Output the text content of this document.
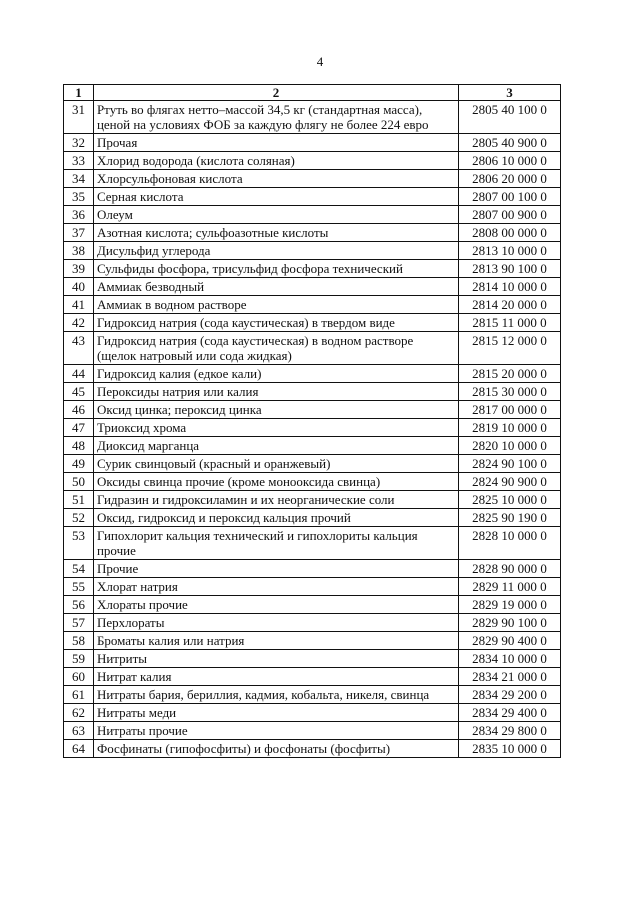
4
1	2	3
31	Ртуть во флягах нетто–массой 34,5 кг (стандартная масса), ценой на условиях ФОБ за каждую флягу не более 224 евро	2805 40 100 0
32	Прочая	2805 40 900 0
33	Хлорид водорода (кислота соляная)	2806 10 000 0
34	Хлорсульфоновая кислота	2806 20 000 0
35	Серная кислота	2807 00 100 0
36	Олеум	2807 00 900 0
37	Азотная кислота; сульфоазотные кислоты	2808 00 000 0
38	Дисульфид углерода	2813 10 000 0
39	Сульфиды фосфора, трисульфид фосфора технический	2813 90 100 0
40	Аммиак безводный	2814 10 000 0
41	Аммиак в водном растворе	2814 20 000 0
42	Гидроксид натрия (сода каустическая) в твердом виде	2815 11 000 0
43	Гидроксид натрия (сода каустическая) в водном растворе (щелок натровый или сода жидкая)	2815 12 000 0
44	Гидроксид калия (едкое кали)	2815 20 000 0
45	Пероксиды натрия или калия	2815 30 000 0
46	Оксид цинка; пероксид цинка	2817 00 000 0
47	Триоксид хрома	2819 10 000 0
48	Диоксид марганца	2820 10 000 0
49	Сурик свинцовый (красный и оранжевый)	2824 90 100 0
50	Оксиды свинца прочие (кроме монооксида свинца)	2824 90 900 0
51	Гидразин и гидроксиламин и их неорганические соли	2825 10 000 0
52	Оксид, гидроксид и пероксид кальция прочий	2825 90 190 0
53	Гипохлорит кальция технический и гипохлориты кальция прочие	2828 10 000 0
54	Прочие	2828 90 000 0
55	Хлорат натрия	2829 11 000 0
56	Хлораты прочие	2829 19 000 0
57	Перхлораты	2829 90 100 0
58	Броматы калия или натрия	2829 90 400 0
59	Нитриты	2834 10 000 0
60	Нитрат калия	2834 21 000 0
61	Нитраты бария, бериллия, кадмия, кобальта, никеля, свинца	2834 29 200 0
62	Нитраты меди	2834 29 400 0
63	Нитраты прочие	2834 29 800 0
64	Фосфинаты (гипофосфиты) и фосфонаты (фосфиты)	2835 10 000 0
